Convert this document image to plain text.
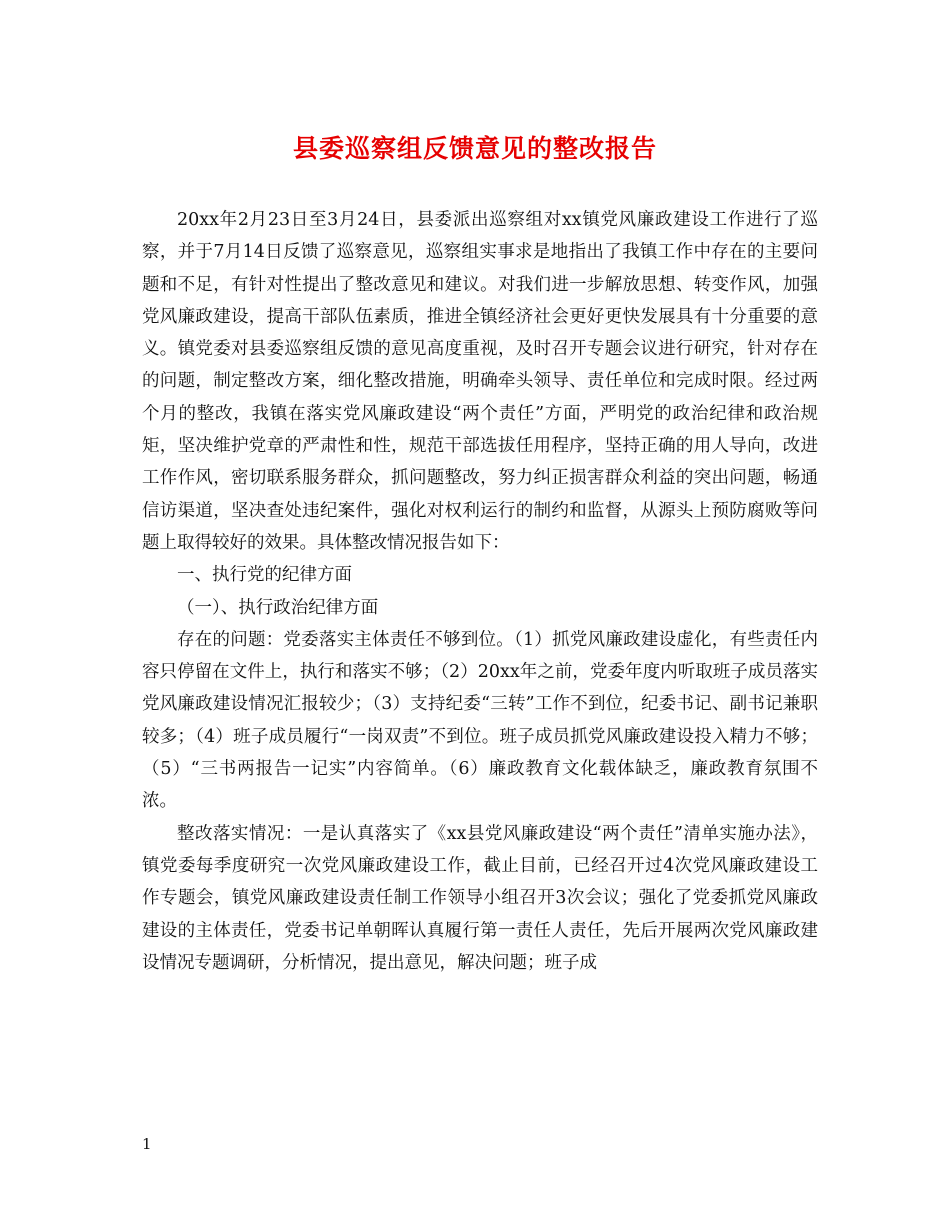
县委巡察组反馈意见的整改报告

20xx年2月23日至3月24日，县委派出巡察组对xx镇党风廉政建设工作进行了巡察，并于7月14日反馈了巡察意见，巡察组实事求是地指出了我镇工作中存在的主要问题和不足，有针对性提出了整改意见和建议。对我们进一步解放思想、转变作风，加强党风廉政建设，提高干部队伍素质，推进全镇经济社会更好更快发展具有十分重要的意义。镇党委对县委巡察组反馈的意见高度重视，及时召开专题会议进行研究，针对存在的问题，制定整改方案，细化整改措施，明确牵头领导、责任单位和完成时限。经过两个月的整改，我镇在落实党风廉政建设“两个责任”方面，严明党的政治纪律和政治规矩，坚决维护党章的严肃性和性，规范干部选拔任用程序，坚持正确的用人导向，改进工作作风，密切联系服务群众，抓问题整改，努力纠正损害群众利益的突出问题，畅通信访渠道，坚决查处违纪案件，强化对权利运行的制约和监督，从源头上预防腐败等问题上取得较好的效果。具体整改情况报告如下：

一、执行党的纪律方面

（一）、执行政治纪律方面

存在的问题：党委落实主体责任不够到位。（1）抓党风廉政建设虚化，有些责任内容只停留在文件上，执行和落实不够；（2）20xx年之前，党委年度内听取班子成员落实党风廉政建设情况汇报较少；（3）支持纪委“三转”工作不到位，纪委书记、副书记兼职较多；（4）班子成员履行“一岗双责”不到位。班子成员抓党风廉政建设投入精力不够；（5）“三书两报告一记实”内容简单。（6）廉政教育文化载体缺乏，廉政教育氛围不浓。

整改落实情况：一是认真落实了《xx县党风廉政建设“两个责任”清单实施办法》，镇党委每季度研究一次党风廉政建设工作，截止目前，已经召开过4次党风廉政建设工作专题会，镇党风廉政建设责任制工作领导小组召开3次会议；强化了党委抓党风廉政建设的主体责任，党委书记单朝晖认真履行第一责任人责任，先后开展两次党风廉政建设情况专题调研，分析情况，提出意见，解决问题；班子成

1
